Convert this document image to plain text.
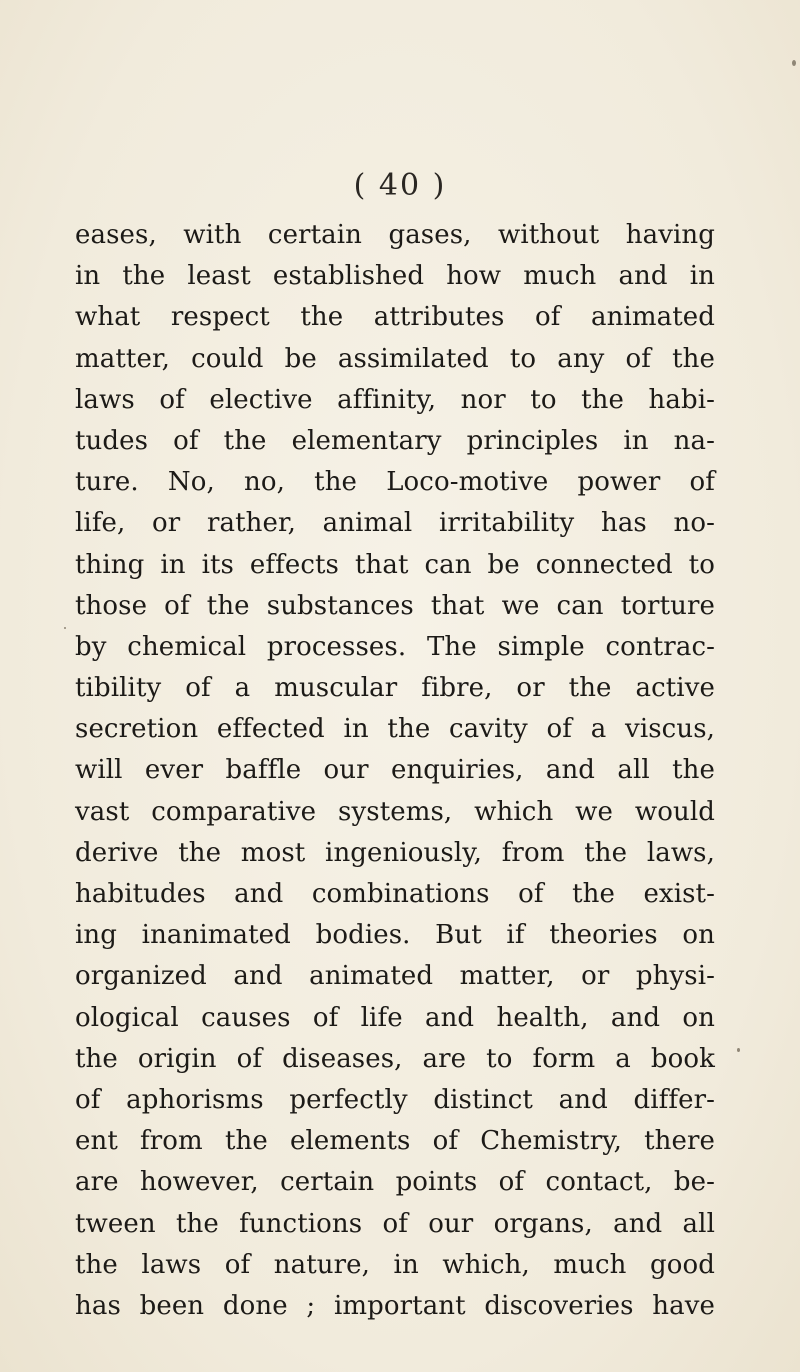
( 40 )
eases, with certain gases, without having
in the least established how much and in
what respect the attributes of animated
matter, could be assimilated to any of the
laws of elective affinity, nor to the habi-
tudes of the elementary principles in na-
ture. No, no, the Loco-motive power of
life, or rather, animal irritability has no-
thing in its effects that can be connected to
those of the substances that we can torture
by chemical processes. The simple contrac-
tibility of a muscular fibre, or the active
secretion effected in the cavity of a viscus,
will ever baffle our enquiries, and all the
vast comparative systems, which we would
derive the most ingeniously, from the laws,
habitudes and combinations of the exist-
ing inanimated bodies. But if theories on
organized and animated matter, or physi-
ological causes of life and health, and on
the origin of diseases, are to form a book
of aphorisms perfectly distinct and differ-
ent from the elements of Chemistry, there
are however, certain points of contact, be-
tween the functions of our organs, and all
the laws of nature, in which, much good
has been done ; important discoveries have
